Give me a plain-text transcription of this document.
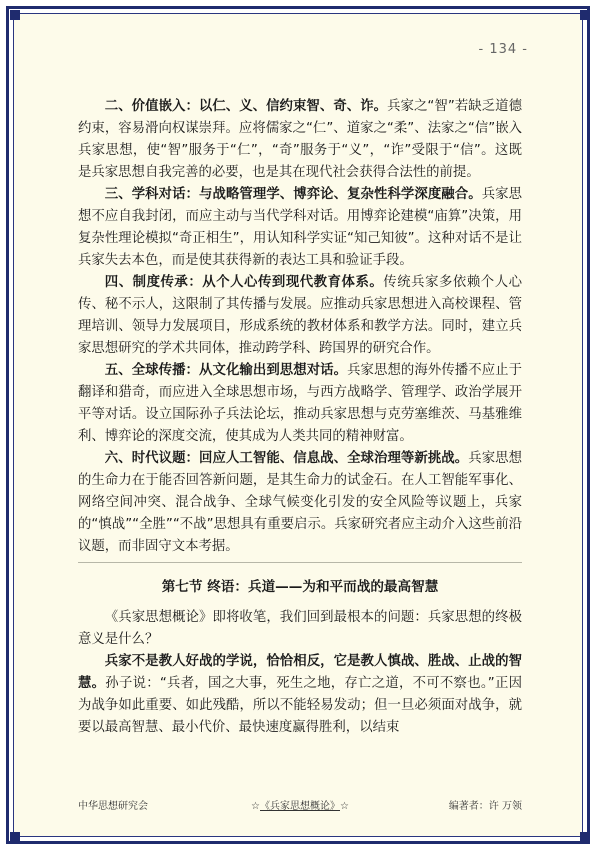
- 134 -

二、价值嵌入：以仁、义、信约束智、奇、诈。兵家之“智”若缺乏道德约束，容易滑向权谋崇拜。应将儒家之“仁”、道家之“柔”、法家之“信”嵌入兵家思想，使“智”服务于“仁”，“奇”服务于“义”，“诈”受限于“信”。这既是兵家思想自我完善的必要，也是其在现代社会获得合法性的前提。

三、学科对话：与战略管理学、博弈论、复杂性科学深度融合。兵家思想不应自我封闭，而应主动与当代学科对话。用博弈论建模“庙算”决策，用复杂性理论模拟“奇正相生”，用认知科学实证“知己知彼”。这种对话不是让兵家失去本色，而是使其获得新的表达工具和验证手段。

四、制度传承：从个人心传到现代教育体系。传统兵家多依赖个人心传、秘不示人，这限制了其传播与发展。应推动兵家思想进入高校课程、管理培训、领导力发展项目，形成系统的教材体系和教学方法。同时，建立兵家思想研究的学术共同体，推动跨学科、跨国界的研究合作。

五、全球传播：从文化输出到思想对话。兵家思想的海外传播不应止于翻译和猎奇，而应进入全球思想市场，与西方战略学、管理学、政治学展开平等对话。设立国际孙子兵法论坛，推动兵家思想与克劳塞维茨、马基雅维利、博弈论的深度交流，使其成为人类共同的精神财富。

六、时代议题：回应人工智能、信息战、全球治理等新挑战。兵家思想的生命力在于能否回答新问题，是其生命力的试金石。在人工智能军事化、网络空间冲突、混合战争、全球气候变化引发的安全风险等议题上，兵家的“慎战”“全胜”“不战”思想具有重要启示。兵家研究者应主动介入这些前沿议题，而非固守文本考据。

第七节 终语：兵道——为和平而战的最高智慧

《兵家思想概论》即将收笔，我们回到最根本的问题：兵家思想的终极意义是什么？

兵家不是教人好战的学说，恰恰相反，它是教人慎战、胜战、止战的智慧。孙子说：“兵者，国之大事，死生之地，存亡之道，不可不察也。”正因为战争如此重要、如此残酷，所以不能轻易发动；但一旦必须面对战争，就要以最高智慧、最小代价、最快速度赢得胜利，以结束

中华思想研究会	☆《兵家思想概论》☆	编著者：许 万领
